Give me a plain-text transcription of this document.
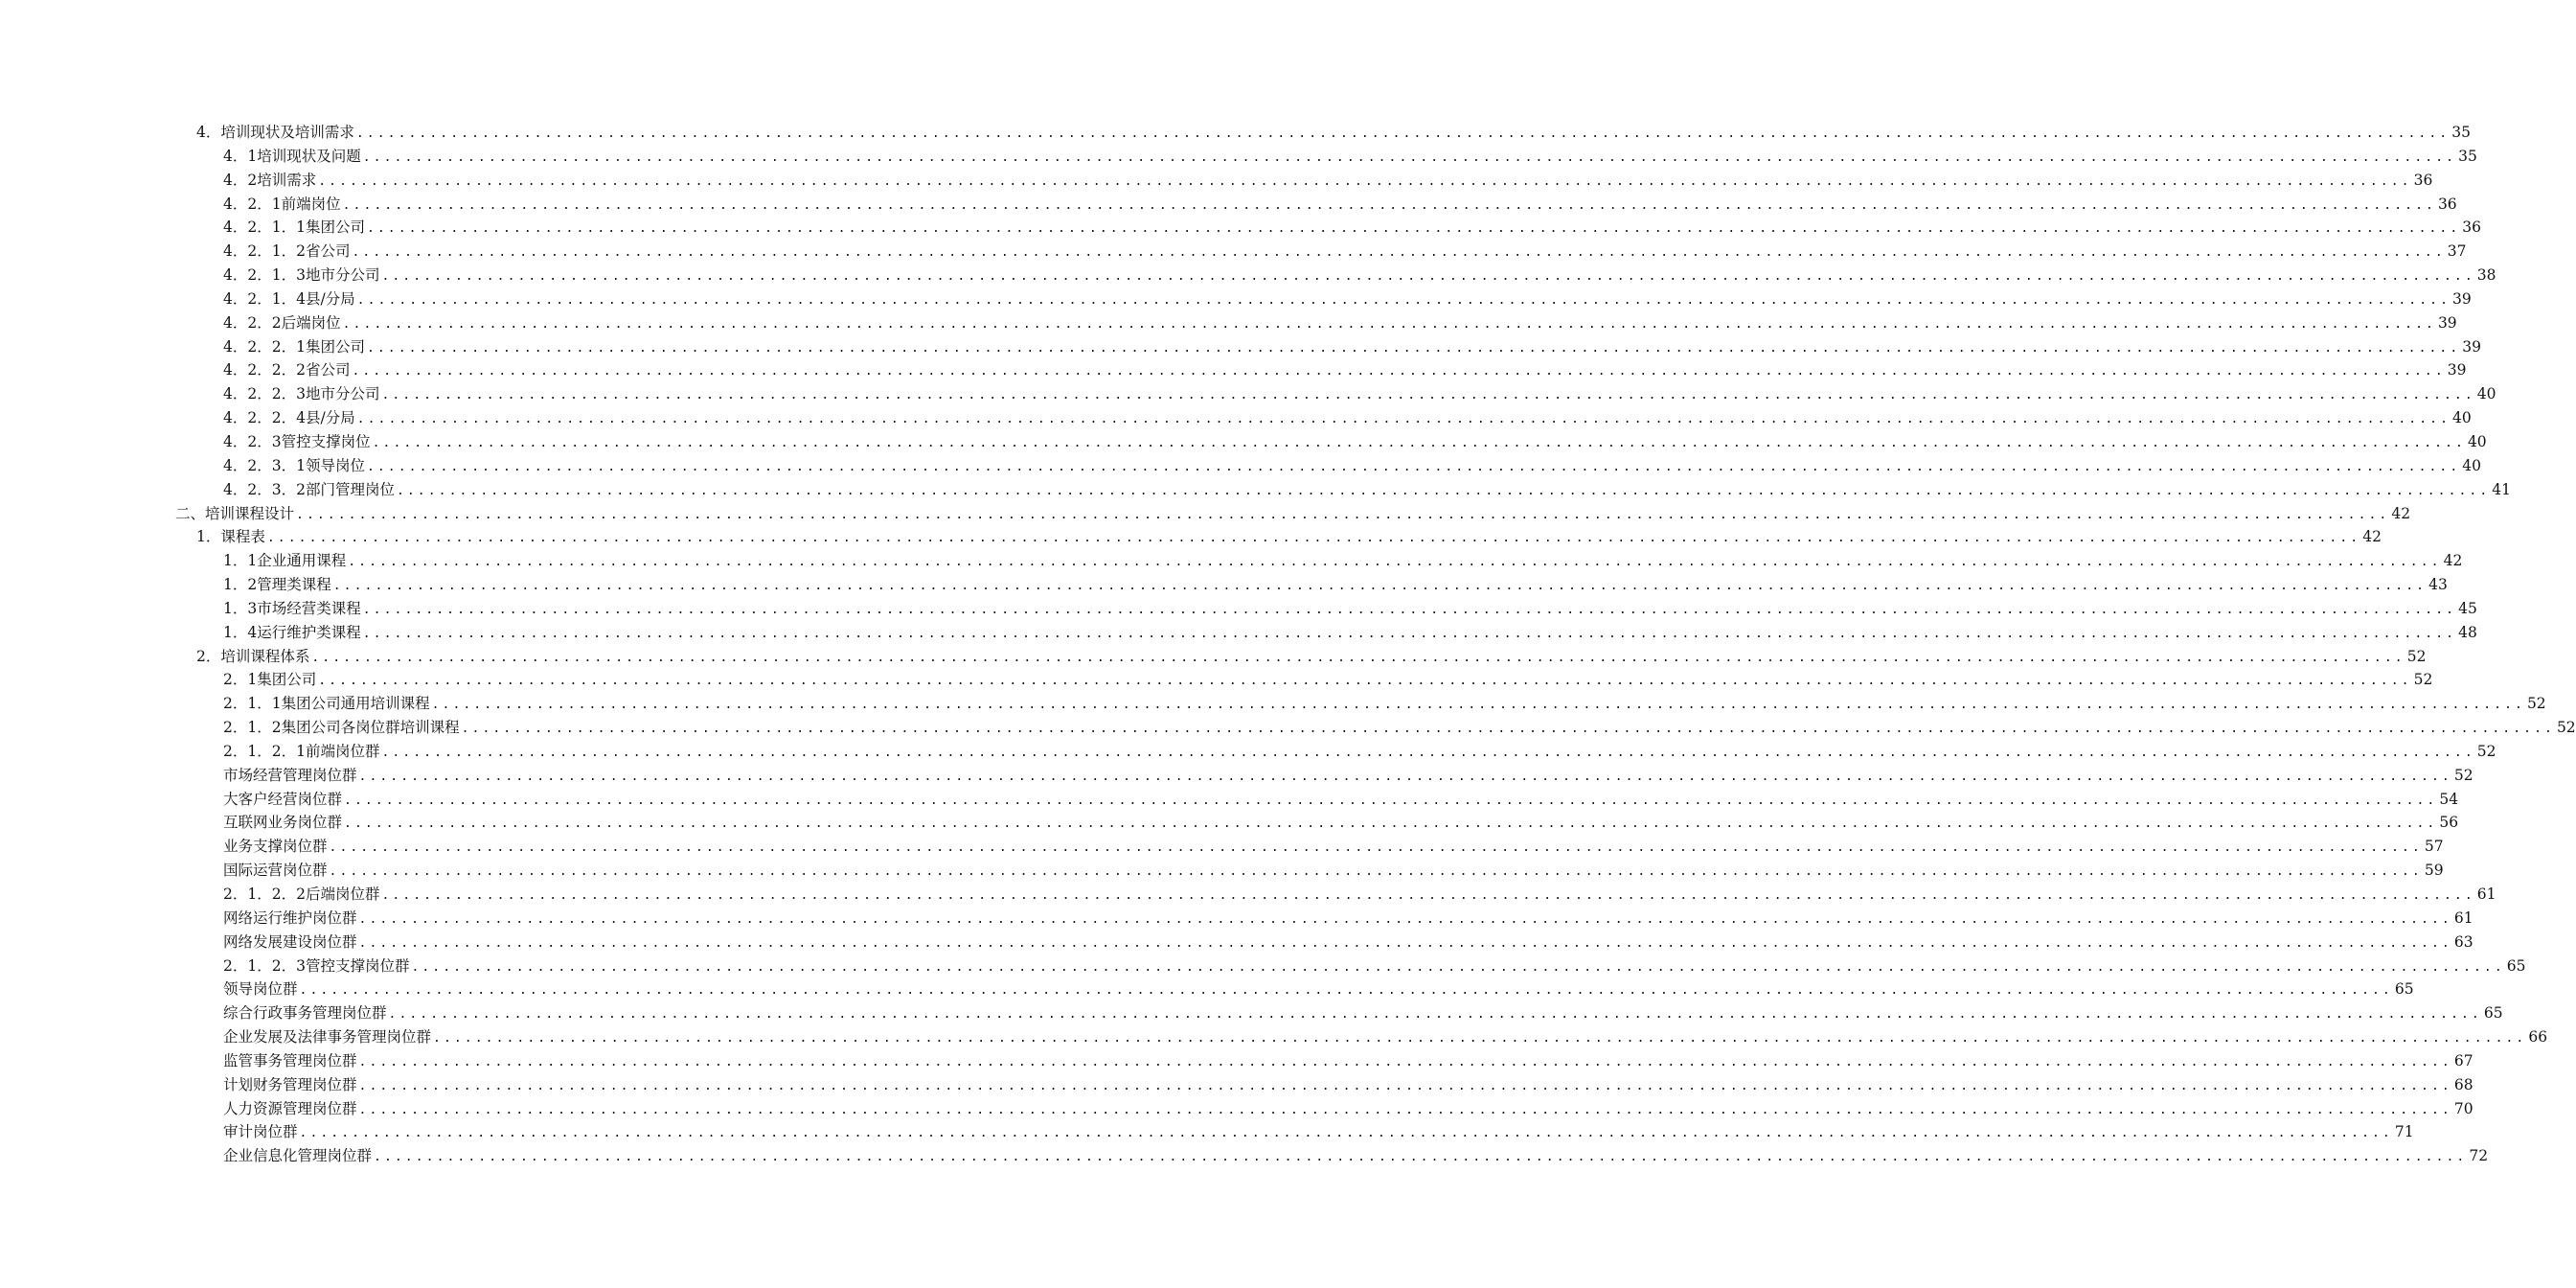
4．培训现状及培训需求 ........................................................................................................................................................................................................ 35
4．1培训现状及问题 ........................................................................................................................................................................................................ 35
4．2培训需求 ........................................................................................................................................................................................................ 36
4．2．1前端岗位 ........................................................................................................................................................................................................ 36
4．2．1．1集团公司 ........................................................................................................................................................................................................ 36
4．2．1．2省公司 ........................................................................................................................................................................................................ 37
4．2．1．3地市分公司 ........................................................................................................................................................................................................ 38
4．2．1．4县/分局 ........................................................................................................................................................................................................ 39
4．2．2后端岗位 ........................................................................................................................................................................................................ 39
4．2．2．1集团公司 ........................................................................................................................................................................................................ 39
4．2．2．2省公司 ........................................................................................................................................................................................................ 39
4．2．2．3地市分公司 ........................................................................................................................................................................................................ 40
4．2．2．4县/分局 ........................................................................................................................................................................................................ 40
4．2．3管控支撑岗位 ........................................................................................................................................................................................................ 40
4．2．3．1领导岗位 ........................................................................................................................................................................................................ 40
4．2．3．2部门管理岗位 ........................................................................................................................................................................................................ 41
二、培训课程设计 ........................................................................................................................................................................................................ 42
1．课程表 ........................................................................................................................................................................................................ 42
1．1企业通用课程 ........................................................................................................................................................................................................ 42
1．2管理类课程 ........................................................................................................................................................................................................ 43
1．3市场经营类课程 ........................................................................................................................................................................................................ 45
1．4运行维护类课程 ........................................................................................................................................................................................................ 48
2．培训课程体系 ........................................................................................................................................................................................................ 52
2．1集团公司 ........................................................................................................................................................................................................ 52
2．1．1集团公司通用培训课程 ........................................................................................................................................................................................................ 52
2．1．2集团公司各岗位群培训课程 ........................................................................................................................................................................................................ 52
2．1．2．1前端岗位群 ........................................................................................................................................................................................................ 52
市场经营管理岗位群 ........................................................................................................................................................................................................ 52
大客户经营岗位群 ........................................................................................................................................................................................................ 54
互联网业务岗位群 ........................................................................................................................................................................................................ 56
业务支撑岗位群 ........................................................................................................................................................................................................ 57
国际运营岗位群 ........................................................................................................................................................................................................ 59
2．1．2．2后端岗位群 ........................................................................................................................................................................................................ 61
网络运行维护岗位群 ........................................................................................................................................................................................................ 61
网络发展建设岗位群 ........................................................................................................................................................................................................ 63
2．1．2．3管控支撑岗位群 ........................................................................................................................................................................................................ 65
领导岗位群 ........................................................................................................................................................................................................ 65
综合行政事务管理岗位群 ........................................................................................................................................................................................................ 65
企业发展及法律事务管理岗位群 ........................................................................................................................................................................................................ 66
监管事务管理岗位群 ........................................................................................................................................................................................................ 67
计划财务管理岗位群 ........................................................................................................................................................................................................ 68
人力资源管理岗位群 ........................................................................................................................................................................................................ 70
审计岗位群 ........................................................................................................................................................................................................ 71
企业信息化管理岗位群 ........................................................................................................................................................................................................ 72
